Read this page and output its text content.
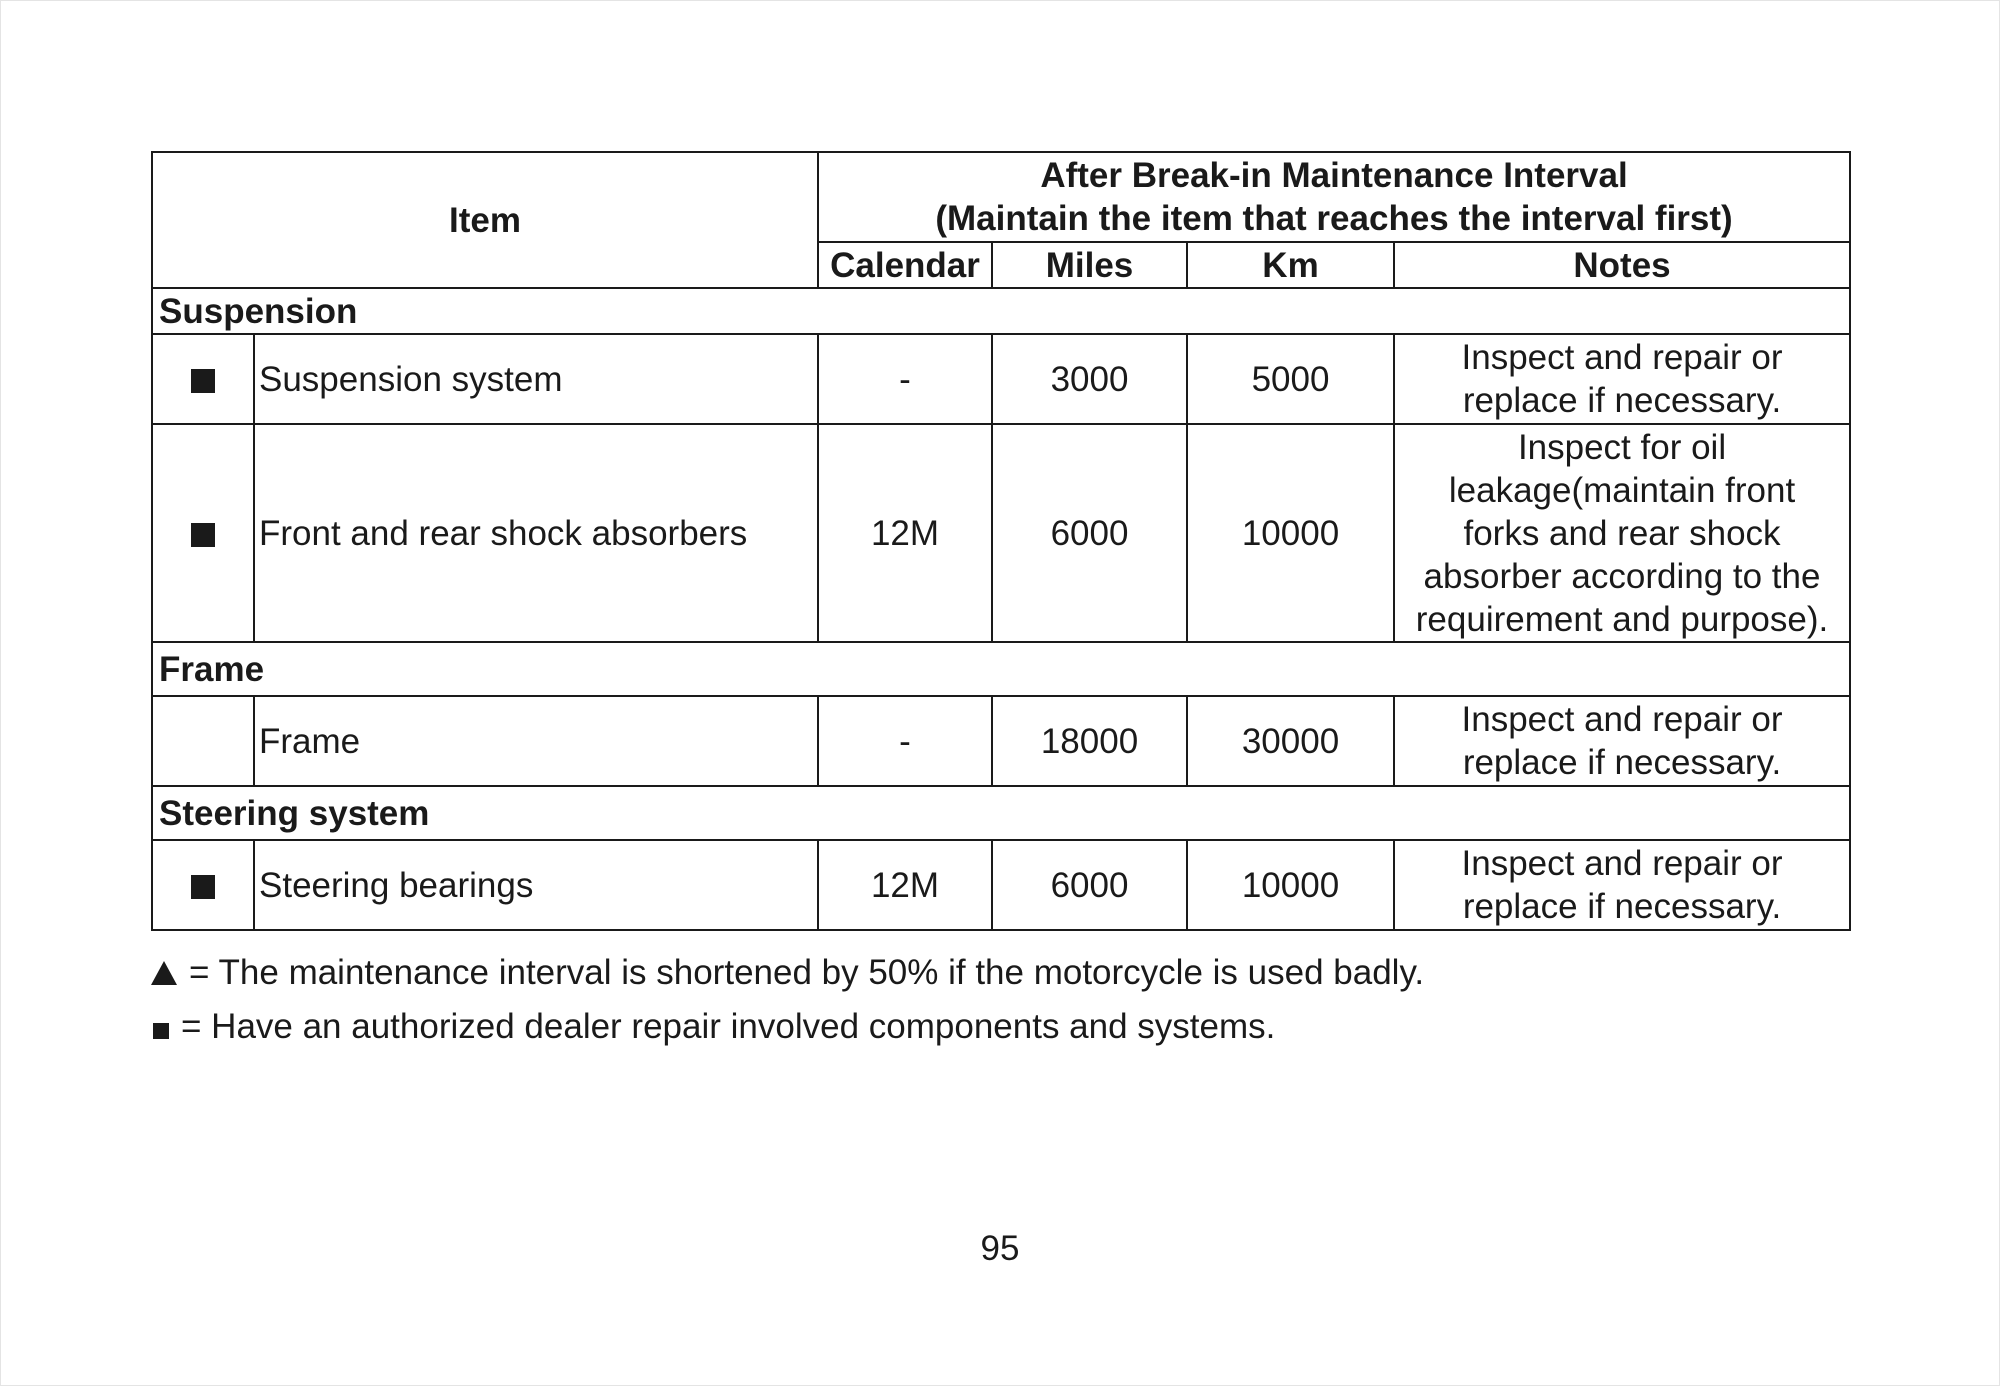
Item		After Break-in Maintenance Interval
(Maintain the item that reaches the interval first)			

		Calendar	Miles	Km	Notes
Suspension					
	Suspension system	-	3000	5000	Inspect and repair or
replace if necessary.

	Front and rear shock absorbers	12M	6000	10000	Inspect for oil
leakage(maintain front
forks and rear shock
absorber according to the
requirement and purpose).

Frame					
	Frame	-	18000	30000	Inspect and repair or
replace if necessary.

Steering system					
	Steering bearings	12M	6000	10000	Inspect and repair or
replace if necessary.
= The maintenance interval is shortened by 50% if the motorcycle is used badly.
= Have an authorized dealer repair involved components and systems.
95
